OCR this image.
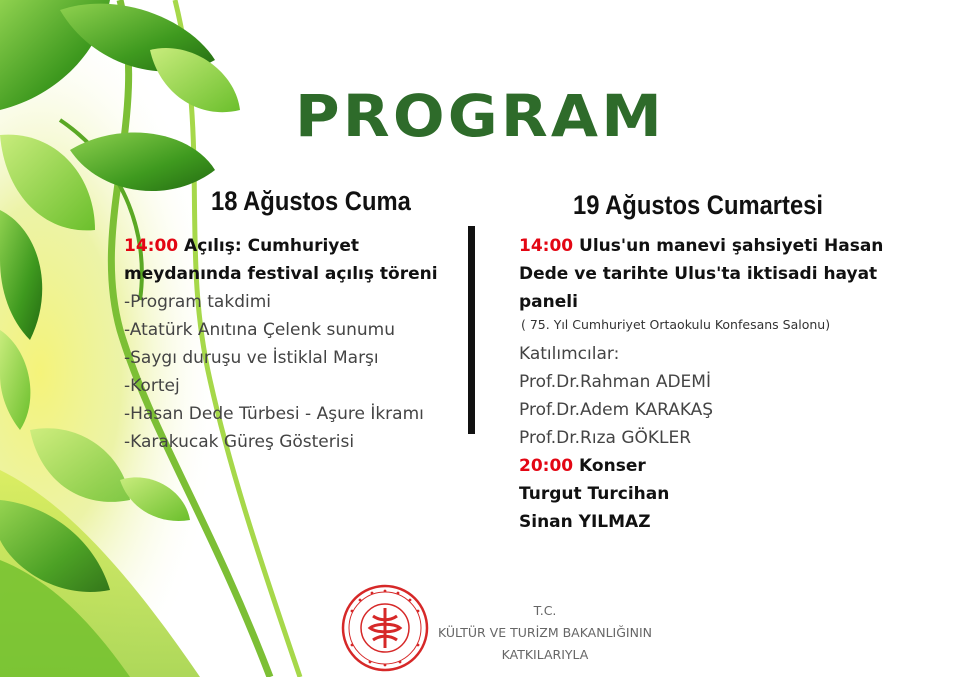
PROGRAM
18 Ağustos Cuma	19 Ağustos Cumartesi
14:00 Açılış: Cumhuriyet
meydanında festival açılış töreni
-Program takdimi
-Atatürk Anıtına Çelenk sunumu
-Saygı duruşu ve İstiklal Marşı
-Kortej
-Hasan Dede Türbesi - Aşure İkramı
-Karakucak Güreş Gösterisi
14:00 Ulus'un manevi şahsiyeti Hasan
Dede ve tarihte Ulus'ta iktisadi hayat
paneli
( 75. Yıl Cumhuriyet Ortaokulu Konfesans Salonu)
Katılımcılar:
Prof.Dr.Rahman ADEMİ
Prof.Dr.Adem KARAKAŞ
Prof.Dr.Rıza GÖKLER
20:00 Konser
Turgut Turcihan
Sinan YILMAZ
T.C.
KÜLTÜR VE TURİZM BAKANLIĞININ
KATKILARIYLA
